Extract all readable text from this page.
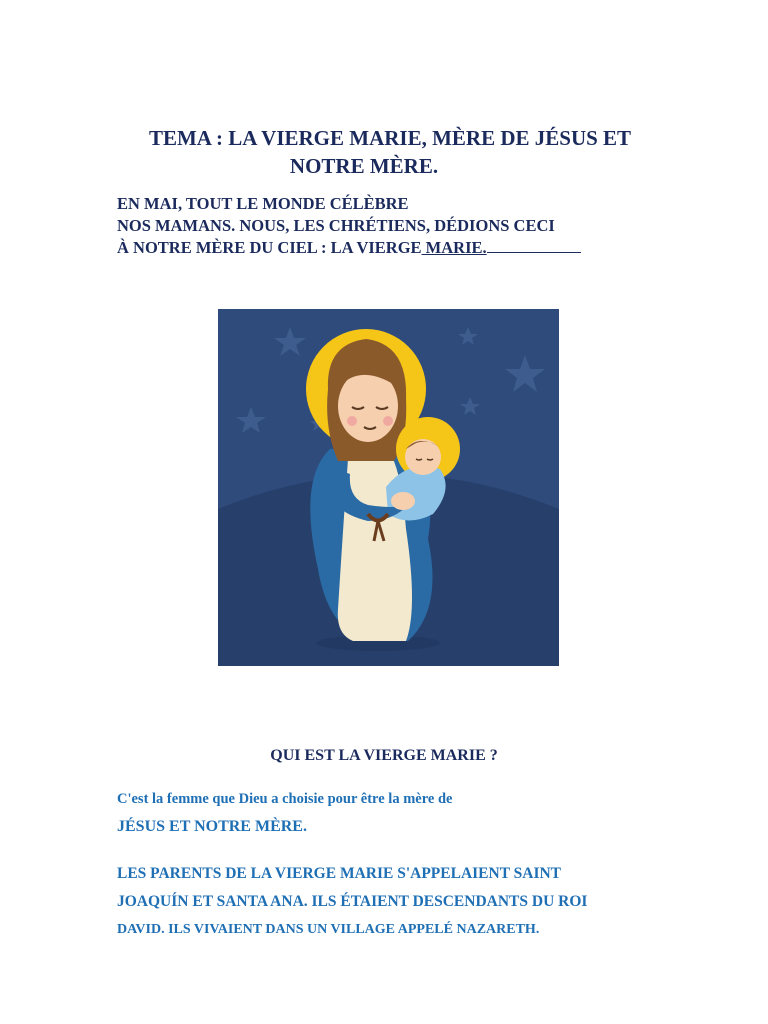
TEMA : LA VIERGE MARIE, MÈRE DE JÉSUS ET
NOTRE MÈRE.
EN MAI, TOUT LE MONDE CÉLÈBRE
NOS MAMANS. NOUS, LES CHRÉTIENS, DÉDIONS CECI
À NOTRE MÈRE DU CIEL : LA VIERGE MARIE.
QUI EST LA VIERGE MARIE ?
C'est la femme que Dieu a choisie pour être la mère de
JÉSUS ET NOTRE MÈRE.
LES PARENTS DE LA VIERGE MARIE S'APPELAIENT SAINT
JOAQUÍN ET SANTA ANA. ILS ÉTAIENT DESCENDANTS DU ROI
DAVID. ILS VIVAIENT DANS UN VILLAGE APPELÉ NAZARETH.
